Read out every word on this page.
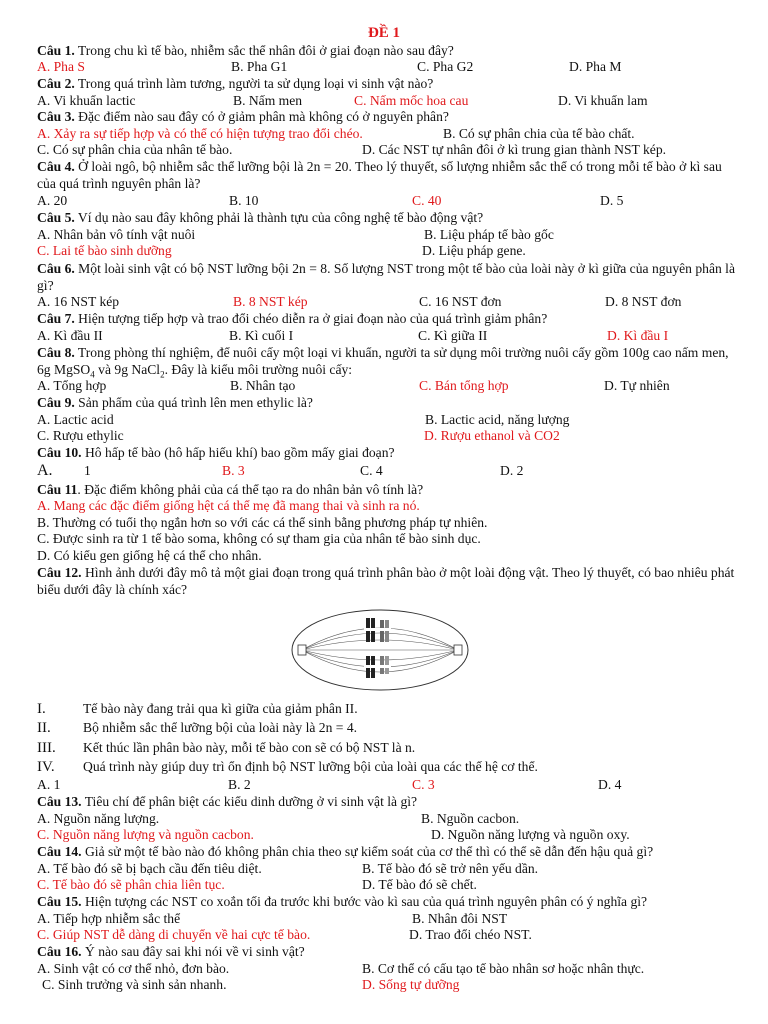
ĐỀ 1
Câu 1. Trong chu kì tế bào, nhiễm sắc thể nhân đôi ở giai đoạn nào sau đây?
A. Pha S	B. Pha G1	C. Pha G2	D. Pha M
Câu 2. Trong quá trình làm tương, người ta sử dụng loại vi sinh vật nào?
A. Vi khuẩn lactic	B. Nấm men	C. Nấm mốc hoa cau	D. Vi khuẩn lam
Câu 3. Đặc điểm nào sau đây có ở giảm phân mà không có ở nguyên phân?
A. Xảy ra sự tiếp hợp và có thể có hiện tượng trao đổi chéo.	B. Có sự phân chia của tế bào chất.
C. Có sự phân chia của nhân tế bào.	D. Các NST tự nhân đôi ở kì trung gian thành NST kép.
Câu 4. Ở loài ngô, bộ nhiễm sắc thể lưỡng bội là 2n = 20. Theo lý thuyết, số lượng nhiễm sắc thể có trong mỗi tế bào ở kì sau của quá trình nguyên phân là?
A. 20	B. 10	C. 40	D. 5
Câu 5. Ví dụ nào sau đây không phải là thành tựu của công nghệ tế bào động vật?
A. Nhân bản vô tính vật nuôi	B. Liệu pháp tế bào gốc
C. Lai tế bào sinh dưỡng	D. Liệu pháp gene.
Câu 6. Một loài sinh vật có bộ NST lưỡng bội 2n = 8. Số lượng NST trong một tế bào của loài này ở kì giữa của nguyên phân là gì?
A. 16 NST kép	B. 8 NST kép	C. 16 NST đơn	D. 8 NST đơn
Câu 7. Hiện tượng tiếp hợp và trao đổi chéo diễn ra ở giai đoạn nào của quá trình giảm phân?
A. Kì đầu II	B. Kì cuối I	C. Kì giữa II	D. Kì đầu I
Câu 8. Trong phòng thí nghiệm, để nuôi cấy một loại vi khuẩn, người ta sử dụng môi trường nuôi cấy gồm 100g cao nấm men, 6g MgSO$_4$ và 9g NaCl$_2$. Đây là kiểu môi trường nuôi cấy:
A. Tổng hợp	B. Nhân tạo	C. Bán tổng hợp	D. Tự nhiên
Câu 9. Sản phẩm của quá trình lên men ethylic là?
A. Lactic acid	B. Lactic acid, năng lượng
C. Rượu ethylic	D. Rượu ethanol và CO2
Câu 10. Hô hấp tế bào (hô hấp hiếu khí) bao gồm mấy giai đoạn?
A. 1	B. 3	C. 4	D. 2
Câu 11. Đặc điểm không phải của cá thể tạo ra do nhân bản vô tính là?
A. Mang các đặc điểm giống hệt cá thể mẹ đã mang thai và sinh ra nó.
B. Thường có tuổi thọ ngắn hơn so với các cá thể sinh bằng phương pháp tự nhiên.
C. Được sinh ra từ 1 tế bào soma, không có sự tham gia của nhân tế bào sinh dục.
D. Có kiểu gen giống hệ cá thể cho nhân.
Câu 12. Hình ảnh dưới đây mô tả một giai đoạn trong quá trình phân bào ở một loài động vật. Theo lý thuyết, có bao nhiêu phát biểu dưới đây là chính xác?
I.	Tế bào này đang trải qua kì giữa của giảm phân II.
II. Bộ nhiễm sắc thể lưỡng bội của loài này là 2n = 4.
III. Kết thúc lần phân bào này, mỗi tế bào con sẽ có bộ NST là n.
IV. Quá trình này giúp duy trì ổn định bộ NST lưỡng bội của loài qua các thế hệ cơ thể.
A. 1	B. 2	C. 3	D. 4
Câu 13. Tiêu chí để phân biệt các kiểu dinh dưỡng ở vi sinh vật là gì?
A. Nguồn năng lượng.	B. Nguồn cacbon.
C. Nguồn năng lượng và nguồn cacbon.	D. Nguồn năng lượng và nguồn oxy.
Câu 14. Giả sử một tế bào nào đó không phân chia theo sự kiểm soát của cơ thể thì có thể sẽ dẫn đến hậu quả gì?
A. Tế bào đó sẽ bị bạch cầu đến tiêu diệt.	B. Tế bào đó sẽ trở nên yếu dần.
C. Tế bào đó sẽ phân chia liên tục.	D. Tế bào đó sẽ chết.
Câu 15. Hiện tượng các NST co xoắn tối đa trước khi bước vào kì sau của quá trình nguyên phân có ý nghĩa gì?
A. Tiếp hợp nhiễm sắc thể	B. Nhân đôi NST
C. Giúp NST dễ dàng di chuyển về hai cực tế bào.	D. Trao đổi chéo NST.
Câu 16. Ý nào sau đây sai khi nói về vi sinh vật?
A. Sinh vật có cơ thể nhỏ, đơn bào.	B. Cơ thể có cấu tạo tế bào nhân sơ hoặc nhân thực.
C. Sinh trưởng và sinh sản nhanh.	D. Sống tự dưỡng
